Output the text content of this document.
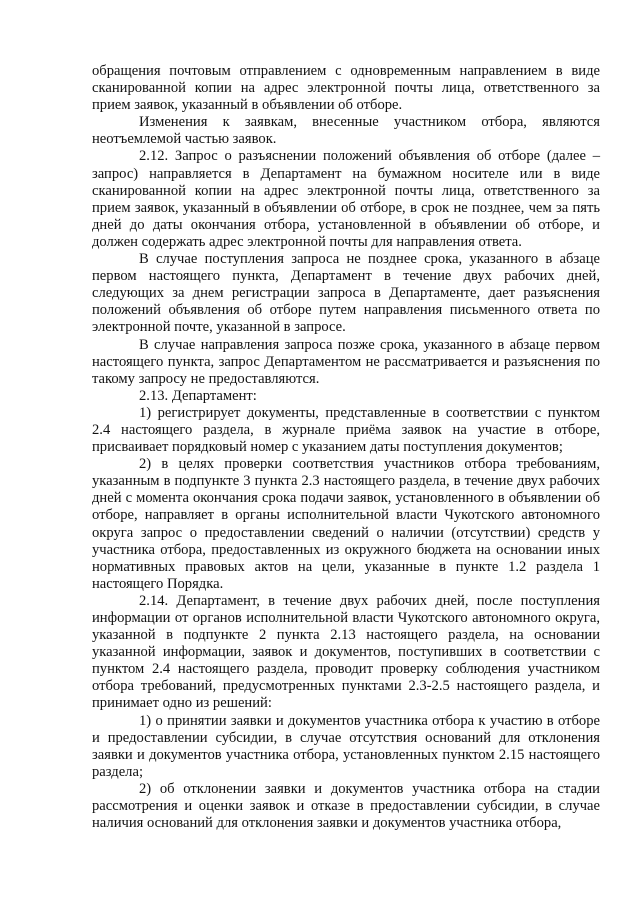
обращения почтовым отправлением с одновременным направлением в виде сканированной копии на адрес электронной почты лица, ответственного за прием заявок, указанный в объявлении об отборе.

Изменения к заявкам, внесенные участником отбора, являются неотъемлемой частью заявок.

2.12. Запрос о разъяснении положений объявления об отборе (далее – запрос) направляется в Департамент на бумажном носителе или в виде сканированной копии на адрес электронной почты лица, ответственного за прием заявок, указанный в объявлении об отборе, в срок не позднее, чем за пять дней до даты окончания отбора, установленной в объявлении об отборе, и должен содержать адрес электронной почты для направления ответа.

В случае поступления запроса не позднее срока, указанного в абзаце первом настоящего пункта, Департамент в течение двух рабочих дней, следующих за днем регистрации запроса в Департаменте, дает разъяснения положений объявления об отборе путем направления письменного ответа по электронной почте, указанной в запросе.

В случае направления запроса позже срока, указанного в абзаце первом настоящего пункта, запрос Департаментом не рассматривается и разъяснения по такому запросу не предоставляются.

2.13. Департамент:

1) регистрирует документы, представленные в соответствии с пунктом 2.4 настоящего раздела, в журнале приёма заявок на участие в отборе, присваивает порядковый номер с указанием даты поступления документов;

2) в целях проверки соответствия участников отбора требованиям, указанным в подпункте 3 пункта 2.3 настоящего раздела, в течение двух рабочих дней с момента окончания срока подачи заявок, установленного в объявлении об отборе, направляет в органы исполнительной власти Чукотского автономного округа запрос о предоставлении сведений о наличии (отсутствии) средств у участника отбора, предоставленных из окружного бюджета на основании иных нормативных правовых актов на цели, указанные в пункте 1.2 раздела 1 настоящего Порядка.

2.14. Департамент, в течение двух рабочих дней, после поступления информации от органов исполнительной власти Чукотского автономного округа, указанной в подпункте 2 пункта 2.13 настоящего раздела, на основании указанной информации, заявок и документов, поступивших в соответствии с пунктом 2.4 настоящего раздела, проводит проверку соблюдения участником отбора требований, предусмотренных пунктами 2.3-2.5 настоящего раздела, и принимает одно из решений:

1) о принятии заявки и документов участника отбора к участию в отборе и предоставлении субсидии, в случае отсутствия оснований для отклонения заявки и документов участника отбора, установленных пунктом 2.15 настоящего раздела;

2) об отклонении заявки и документов участника отбора на стадии рассмотрения и оценки заявок и отказе в предоставлении субсидии, в случае наличия оснований для отклонения заявки и документов участника отбора,
